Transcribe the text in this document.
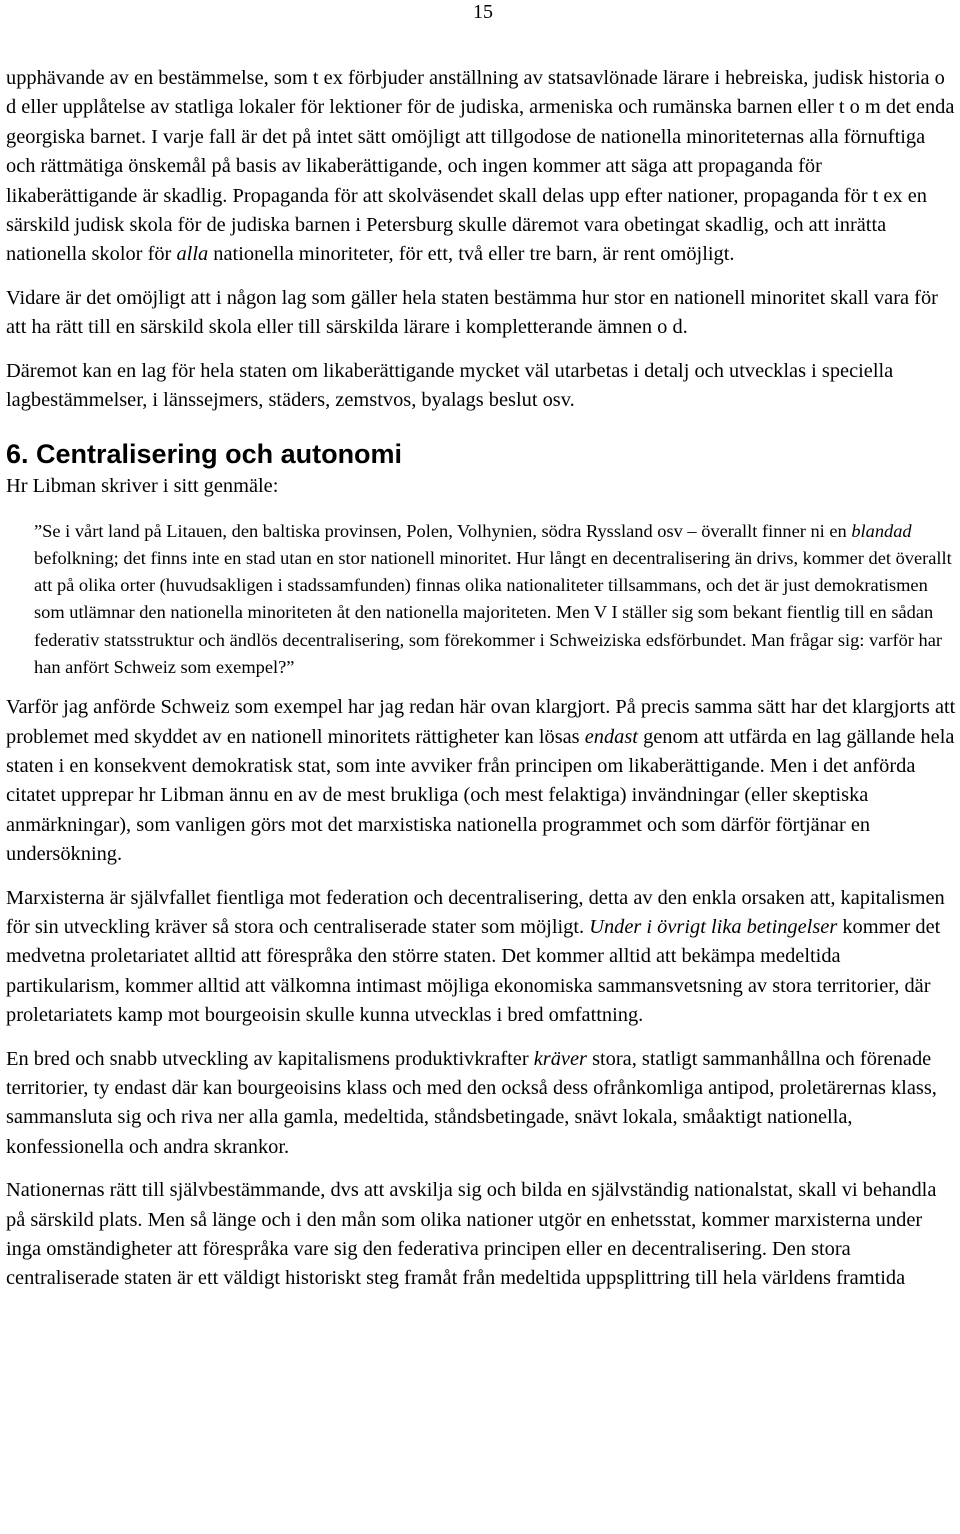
15

upphävande av en bestämmelse, som t ex förbjuder anställning av statsavlönade lärare i hebreiska, judisk historia o d eller upplåtelse av statliga lokaler för lektioner för de judiska, armeniska och rumänska barnen eller t o m det enda georgiska barnet. I varje fall är det på intet sätt omöjligt att tillgodose de nationella minoriteternas alla förnuftiga och rättmätiga önskemål på basis av likaberättigande, och ingen kommer att säga att propaganda för likaberättigande är skadlig. Propaganda för att skolväsendet skall delas upp efter nationer, propaganda för t ex en särskild judisk skola för de judiska barnen i Petersburg skulle däremot vara obetingat skadlig, och att inrätta nationella skolor för alla nationella minoriteter, för ett, två eller tre barn, är rent omöjligt.

Vidare är det omöjligt att i någon lag som gäller hela staten bestämma hur stor en nationell minoritet skall vara för att ha rätt till en särskild skola eller till särskilda lärare i kompletterande ämnen o d.

Däremot kan en lag för hela staten om likaberättigande mycket väl utarbetas i detalj och utvecklas i speciella lagbestämmelser, i länssejmers, städers, zemstvos, byalags beslut osv.

6. Centralisering och autonomi

Hr Libman skriver i sitt genmäle:

”Se i vårt land på Litauen, den baltiska provinsen, Polen, Volhynien, södra Ryssland osv – överallt finner ni en blandad befolkning; det finns inte en stad utan en stor nationell minoritet. Hur långt en decentralisering än drivs, kommer det överallt att på olika orter (huvudsakligen i stadssamfunden) finnas olika nationaliteter tillsammans, och det är just demokratismen som utlämnar den nationella minoriteten åt den nationella majoriteten. Men V I ställer sig som bekant fientlig till en sådan federativ statsstruktur och ändlös decentralisering, som förekommer i Schweiziska edsförbundet. Man frågar sig: varför har han anfört Schweiz som exempel?”

Varför jag anförde Schweiz som exempel har jag redan här ovan klargjort. På precis samma sätt har det klargjorts att problemet med skyddet av en nationell minoritets rättigheter kan lösas endast genom att utfärda en lag gällande hela staten i en konsekvent demokratisk stat, som inte avviker från principen om likaberättigande. Men i det anförda citatet upprepar hr Libman ännu en av de mest brukliga (och mest felaktiga) invändningar (eller skeptiska anmärkningar), som vanligen görs mot det marxistiska nationella programmet och som därför förtjänar en undersökning.

Marxisterna är självfallet fientliga mot federation och decentralisering, detta av den enkla orsaken att, kapitalismen för sin utveckling kräver så stora och centraliserade stater som möjligt. Under i övrigt lika betingelser kommer det medvetna proletariatet alltid att förespråka den större staten. Det kommer alltid att bekämpa medeltida partikularism, kommer alltid att välkomna intimast möjliga ekonomiska sammansvetsning av stora territorier, där proletariatets kamp mot bourgeoisin skulle kunna utvecklas i bred omfattning.

En bred och snabb utveckling av kapitalismens produktivkrafter kräver stora, statligt sammanhållna och förenade territorier, ty endast där kan bourgeoisins klass och med den också dess ofrånkomliga antipod, proletärernas klass, sammansluta sig och riva ner alla gamla, medeltida, ståndsbetingade, snävt lokala, småaktigt nationella, konfessionella och andra skrankor.

Nationernas rätt till självbestämmande, dvs att avskilja sig och bilda en självständig nationalstat, skall vi behandla på särskild plats. Men så länge och i den mån som olika nationer utgör en enhetsstat, kommer marxisterna under inga omständigheter att förespråka vare sig den federativa principen eller en decentralisering. Den stora centraliserade staten är ett väldigt historiskt steg framåt från medeltida uppsplittring till hela världens framtida
